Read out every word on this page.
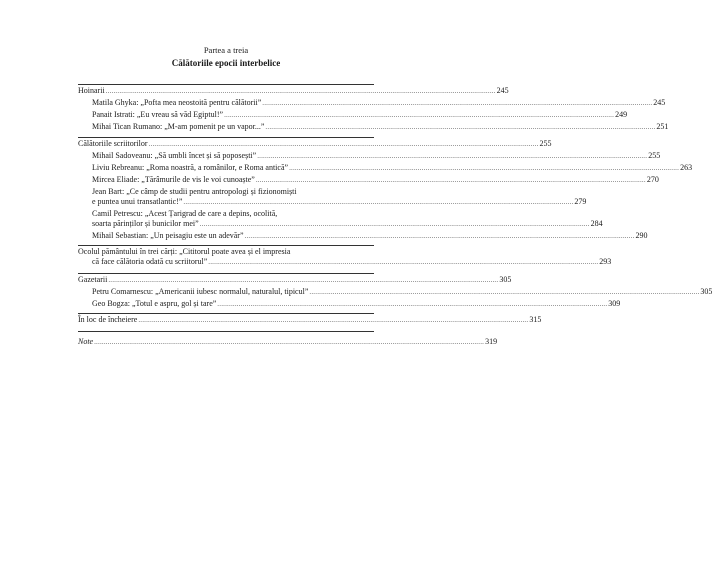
Partea a treia
Călătoriile epocii interbelice
Hoinarii .....	245
Matila Ghyka: „Pofta mea neostoită pentru călătorii” .....	245
Panait Istrati: „Eu vreau să văd Egiptul!” .....	249
Mihai Tican Rumano: „M-am pomenit pe un vapor...” .....	251
Călătoriile scriitorilor .....	255
Mihail Sadoveanu: „Să umbli încet și să poposești” .....	255
Liviu Rebreanu: „Roma noastră, a românilor, e Roma antică” .....	263
Mircea Eliade: „Tărâmurile de vis le voi cunoaște” .....	270
Jean Bart: „Ce câmp de studii pentru antropologi și fizionomiști
e puntea unui transatlantic!” .....	279
Camil Petrescu: „Acest Țarigrad de care a depins, ocolită,
soarta părinților și bunicilor mei” .....	284
Mihail Sebastian: „Un peisagiu este un adevăr” .....	290
Ocolul pământului în trei cărți: „Cititorul poate avea și el impresia
că face călătoria odată cu scriitorul” .....	293
Gazetarii .....	305
Petru Comarnescu: „Americanii iubesc normalul, naturalul, tipicul” .....	305
Geo Bogza: „Totul e aspru, gol și tare” .....	309
În loc de încheiere .....	315
Note .....	319
